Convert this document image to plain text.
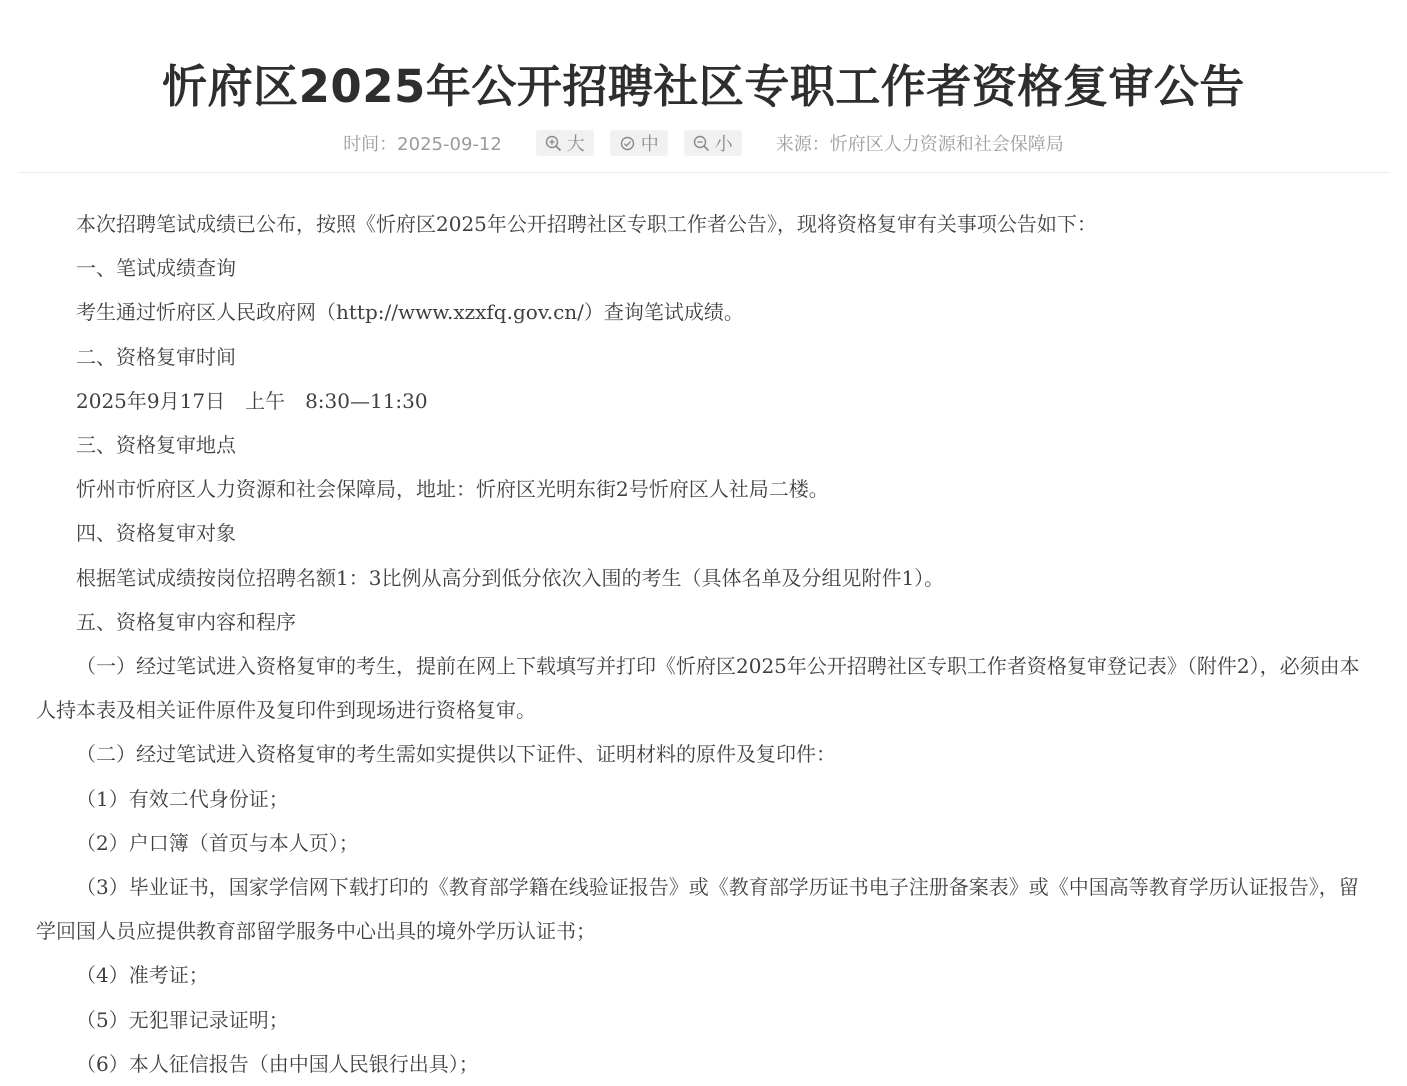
忻府区2025年公开招聘社区专职工作者资格复审公告
时间：2025-09-12	大	中	小 来源：忻府区人力资源和社会保障局

本次招聘笔试成绩已公布，按照《忻府区2025年公开招聘社区专职工作者公告》，现将资格复审有关事项公告如下：

一、笔试成绩查询

考生通过忻府区人民政府网（http://www.xzxfq.gov.cn/）查询笔试成绩。

二、资格复审时间

2025年9月17日　上午　8:30—11:30

三、资格复审地点

忻州市忻府区人力资源和社会保障局，地址：忻府区光明东街2号忻府区人社局二楼。

四、资格复审对象

根据笔试成绩按岗位招聘名额1：3比例从高分到低分依次入围的考生（具体名单及分组见附件1）。

五、资格复审内容和程序

（一）经过笔试进入资格复审的考生，提前在网上下载填写并打印《忻府区2025年公开招聘社区专职工作者资格复审登记表》（附件2），必须由本人持本表及相关证件原件及复印件到现场进行资格复审。

（二）经过笔试进入资格复审的考生需如实提供以下证件、证明材料的原件及复印件：

（1）有效二代身份证；

（2）户口簿（首页与本人页）；

（3）毕业证书，国家学信网下载打印的《教育部学籍在线验证报告》或《教育部学历证书电子注册备案表》或《中国高等教育学历认证报告》，留学回国人员应提供教育部留学服务中心出具的境外学历认证书；

（4）准考证；

（5）无犯罪记录证明；

（6）本人征信报告（由中国人民银行出具）；
